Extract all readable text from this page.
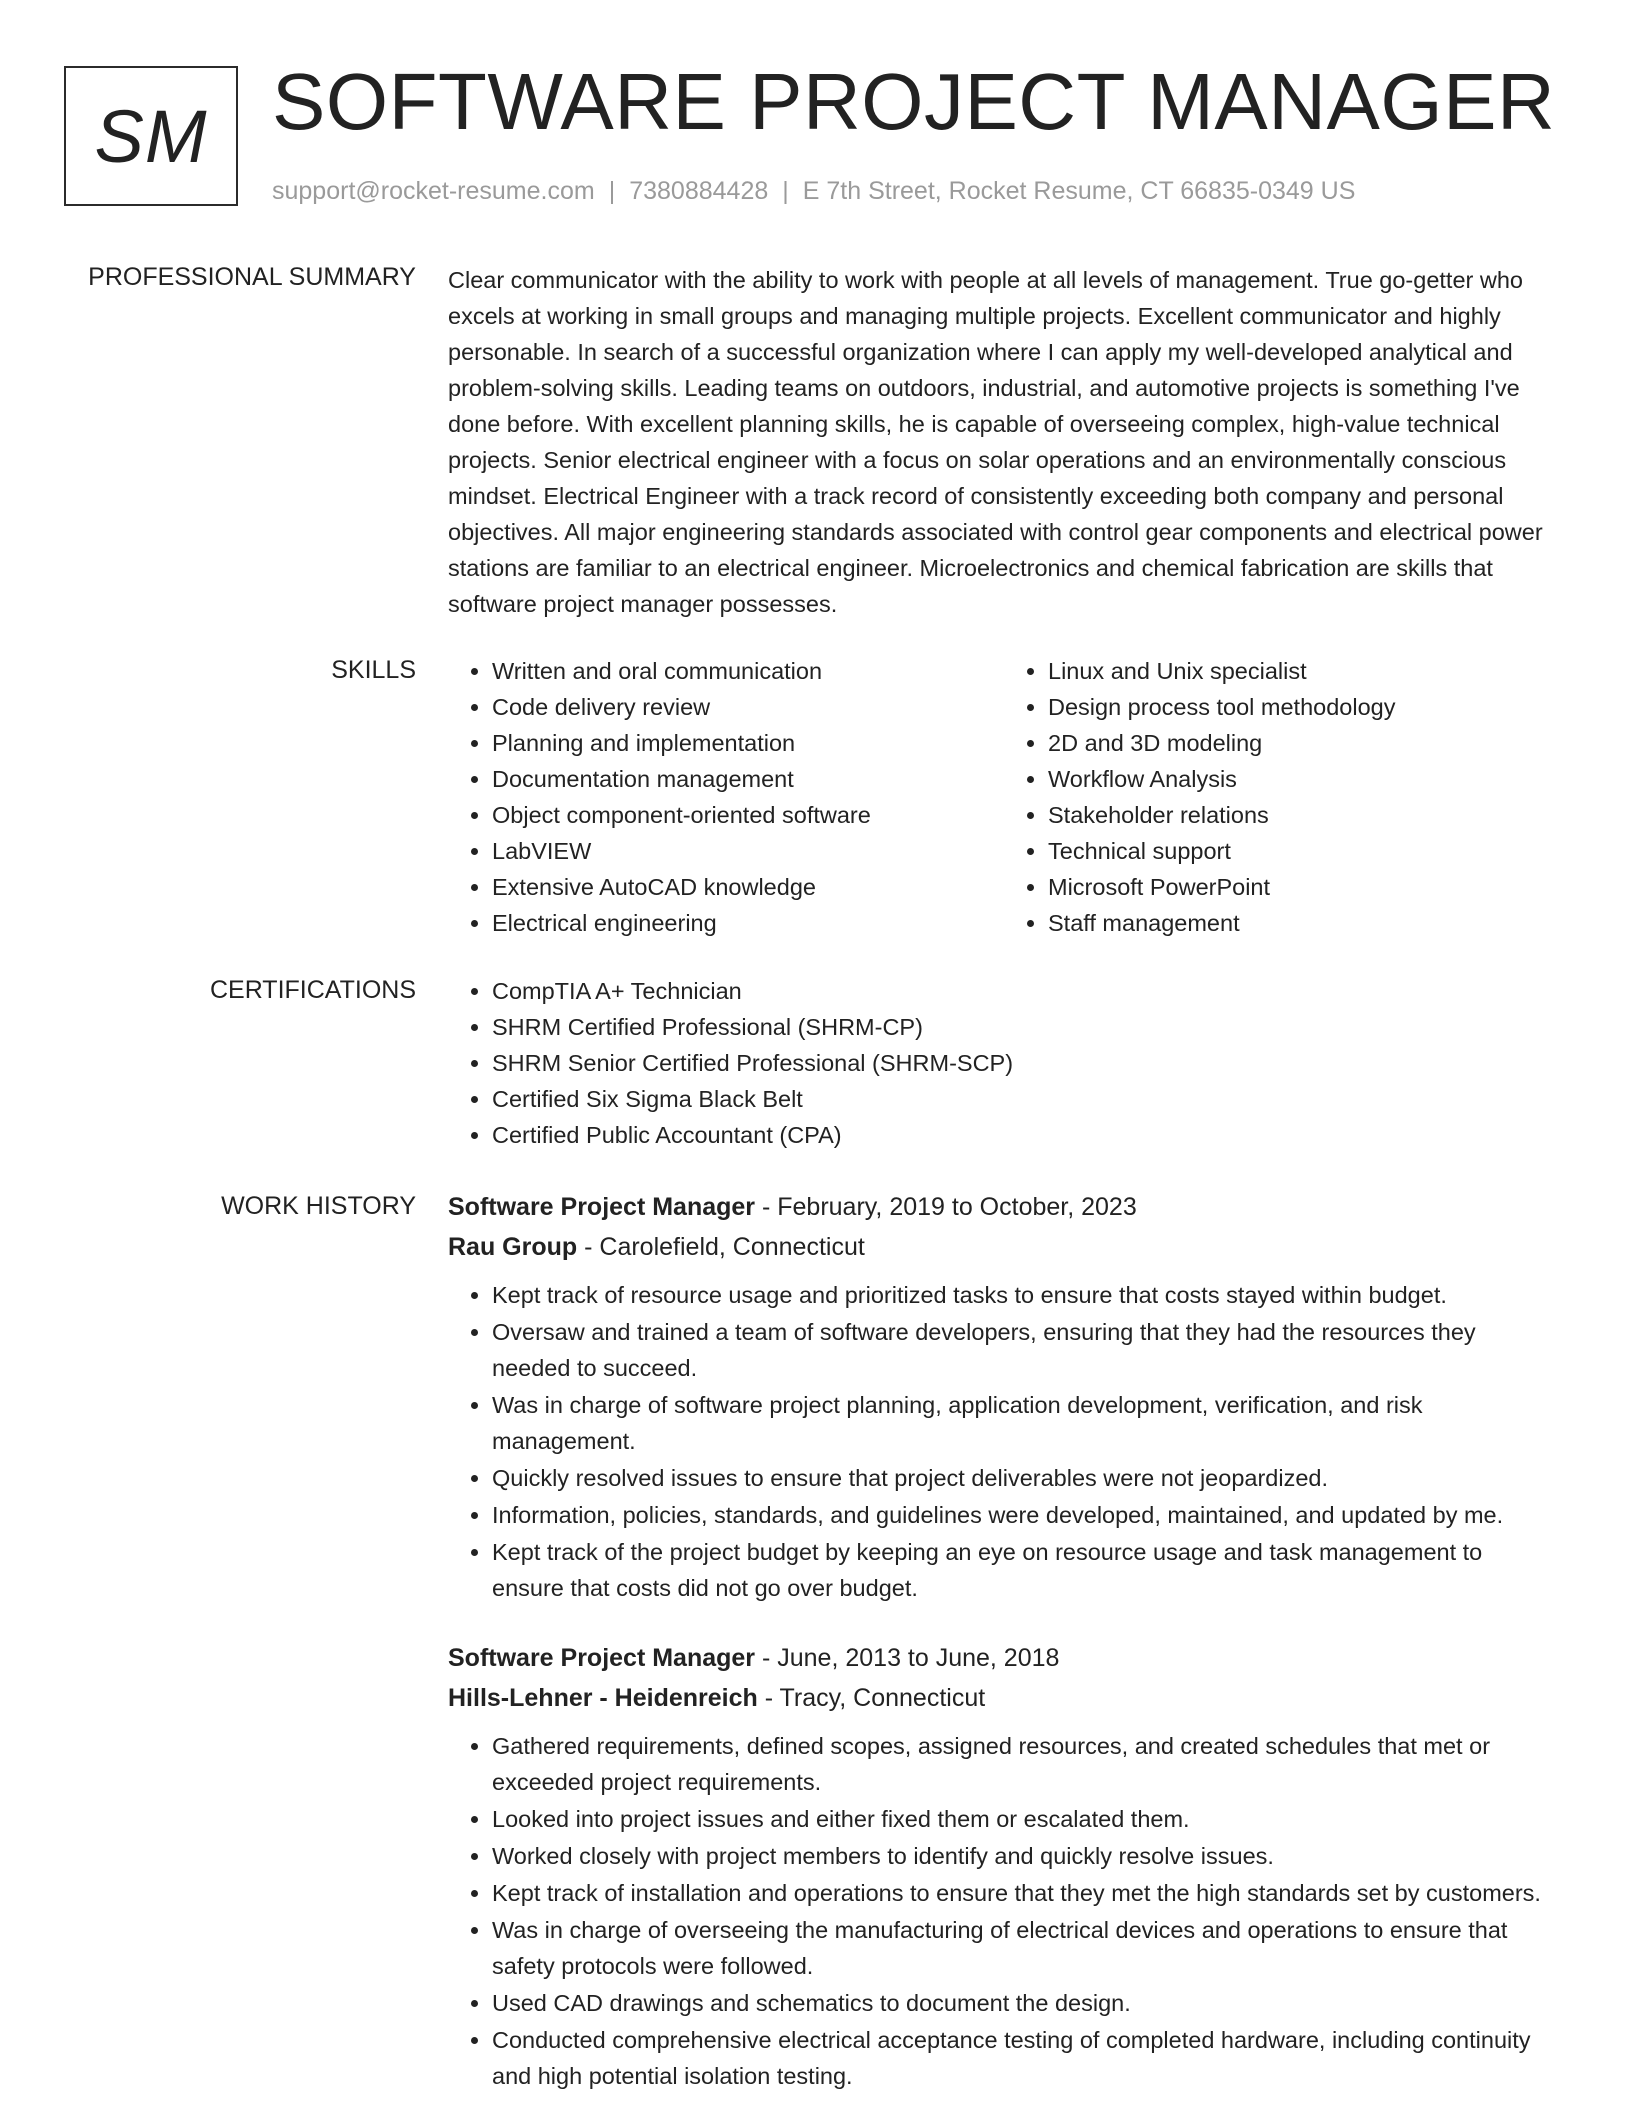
SM SOFTWARE PROJECT MANAGER
support@rocket-resume.com | 7380884428 | E 7th Street, Rocket Resume, CT 66835-0349 US
PROFESSIONAL SUMMARY Clear communicator with the ability to work with people at all levels of management. True go-getter who excels at working in small groups and managing multiple projects. Excellent communicator and highly personable. In search of a successful organization where I can apply my well-developed analytical and problem-solving skills. Leading teams on outdoors, industrial, and automotive projects is something I've done before. With excellent planning skills, he is capable of overseeing complex, high-value technical projects. Senior electrical engineer with a focus on solar operations and an environmentally conscious mindset. Electrical Engineer with a track record of consistently exceeding both company and personal objectives. All major engineering standards associated with control gear components and electrical power stations are familiar to an electrical engineer. Microelectronics and chemical fabrication are skills that software project manager possesses.
SKILLS	• Written and oral communication
• Code delivery review
• Planning and implementation
• Documentation management
• Object component-oriented software
• LabVIEW
• Extensive AutoCAD knowledge
• Electrical engineering
• Linux and Unix specialist
• Design process tool methodology
• 2D and 3D modeling
• Workflow Analysis
• Stakeholder relations
• Technical support
• Microsoft PowerPoint
• Staff management
CERTIFICATIONS	• CompTIA A+ Technician
• SHRM Certified Professional (SHRM-CP)
• SHRM Senior Certified Professional (SHRM-SCP)
• Certified Six Sigma Black Belt
• Certified Public Accountant (CPA)
WORK HISTORY Software Project Manager - February, 2019 to October, 2023
Rau Group - Carolefield, Connecticut
• Kept track of resource usage and prioritized tasks to ensure that costs stayed within budget.
• Oversaw and trained a team of software developers, ensuring that they had the resources they needed to succeed.
• Was in charge of software project planning, application development, verification, and risk management.
• Quickly resolved issues to ensure that project deliverables were not jeopardized.
• Information, policies, standards, and guidelines were developed, maintained, and updated by me.
• Kept track of the project budget by keeping an eye on resource usage and task management to ensure that costs did not go over budget.
Software Project Manager - June, 2013 to June, 2018
Hills-Lehner - Heidenreich - Tracy, Connecticut
• Gathered requirements, defined scopes, assigned resources, and created schedules that met or exceeded project requirements.
• Looked into project issues and either fixed them or escalated them.
• Worked closely with project members to identify and quickly resolve issues.
• Kept track of installation and operations to ensure that they met the high standards set by customers.
• Was in charge of overseeing the manufacturing of electrical devices and operations to ensure that safety protocols were followed.
• Used CAD drawings and schematics to document the design.
• Conducted comprehensive electrical acceptance testing of completed hardware, including continuity and high potential isolation testing.
